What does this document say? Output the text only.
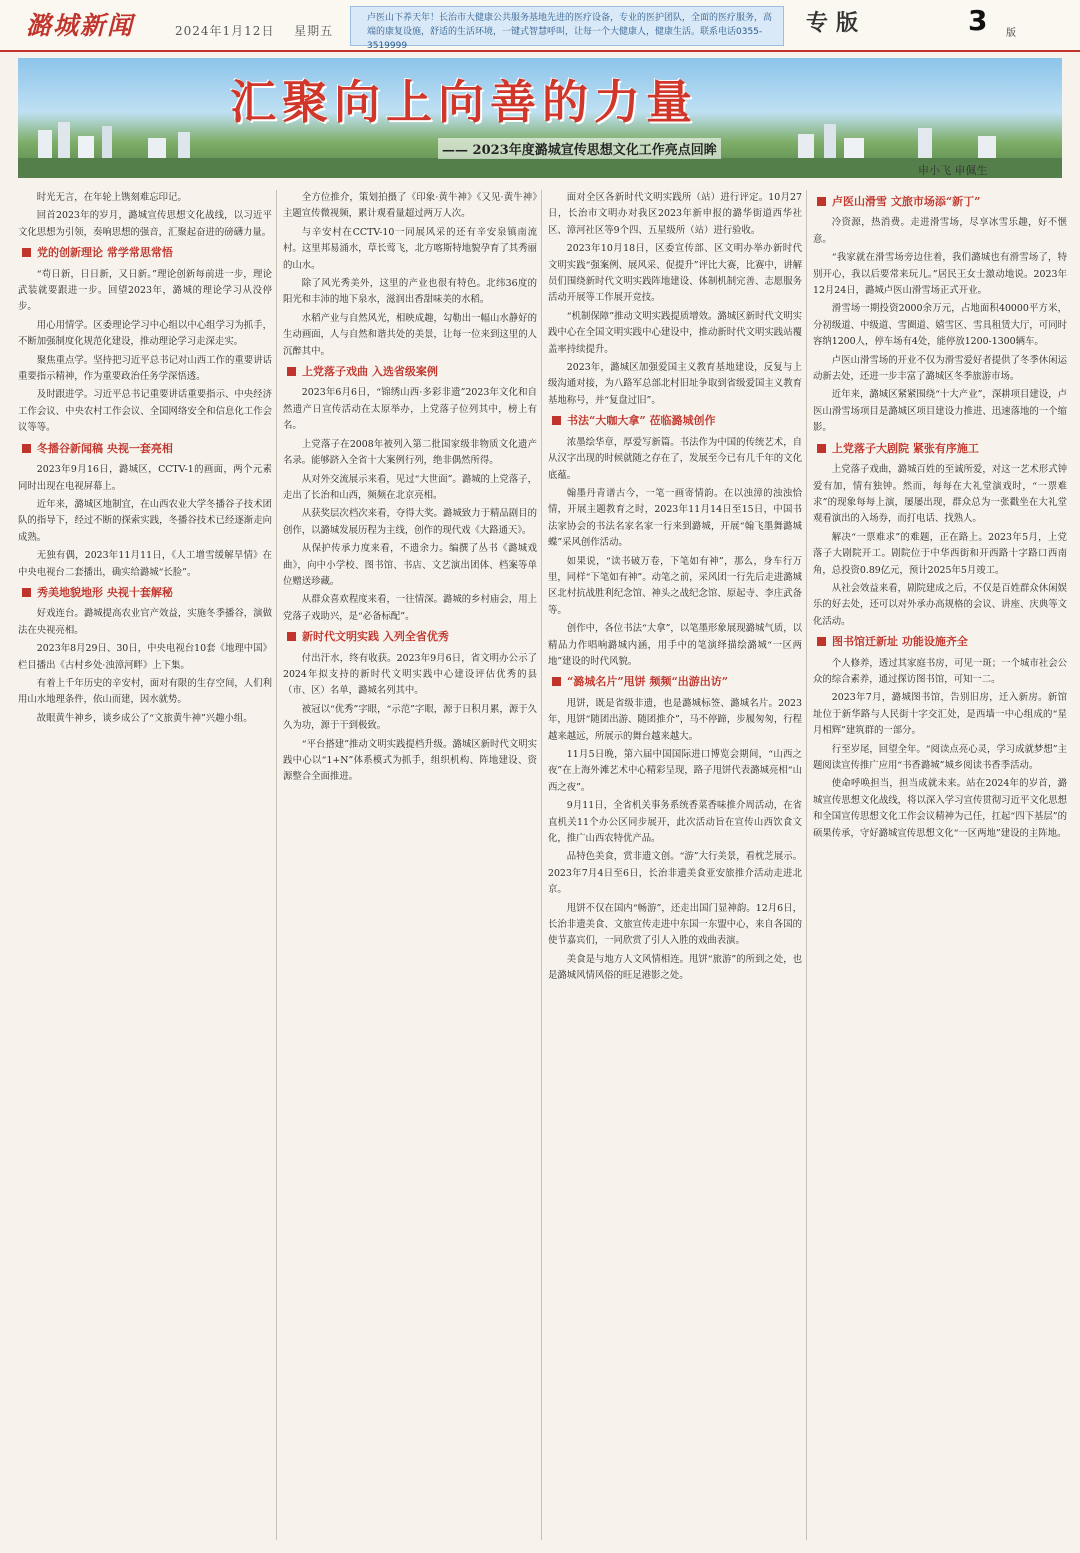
潞城新闻	2024年1月12日 星期五
卢医山下养天年！长治市大健康公共服务基地先进的医疗设备，专业的医护团队，全面的医疗服务，高端的康复设施，舒适的生活环境，一键式智慧呼叫，让每一个大健康人，健康生活。联系电话0355-3519999
专版	3 版
汇聚向上向善的力量
—— 2023年度潞城宣传思想文化工作亮点回眸
申小飞 申佩生

时光无言，在年轮上镌刻难忘印记。

回首2023年的岁月，潞城宣传思想文化战线，以习近平文化思想为引领，奏响思想的强音，汇聚起奋进的磅礴力量。

党的创新理论 常学常思常悟

“苟日新，日日新，又日新。”理论创新每前进一步，理论武装就要跟进一步。回望2023年，潞城的理论学习从没停步。

用心用情学。区委理论学习中心组以中心组学习为抓手，不断加强制度化规范化建设，推动理论学习走深走实。

聚焦重点学。坚持把习近平总书记对山西工作的重要讲话重要指示精神，作为重要政治任务学深悟透。

及时跟进学。习近平总书记重要讲话重要指示、中央经济工作会议、中央农村工作会议、全国网络安全和信息化工作会议等等。

冬播谷新闻稿 央视一套亮相

2023年9月16日，潞城区，CCTV-1的画面，两个元素同时出现在电视屏幕上。

近年来，潞城区地制宜，在山西农业大学冬播谷子技术团队的指导下，经过不断的探索实践，冬播谷技术已经逐渐走向成熟。

无独有偶，2023年11月11日，《人工增雪缓解旱情》在中央电视台二套播出，确实给潞城“长脸”。

秀美地貌地形 央视十套解秘

好戏连台。潞城提高农业官产效益，实施冬季播谷，演做法在央视亮相。

2023年8月29日、30日，中央电视台10套《地理中国》栏目播出《古村乡处·浊漳河畔》上下集。

有着上千年历史的辛安村，面对有限的生存空间，人们利用山水地理条件，依山而建，因水就势。

故眼黄牛神乡，谈乡成公了“文旅黄牛神”兴趣小组。

全方位推介，策划拍摄了《印象·黄牛神》《又见·黄牛神》主题宣传微视频，累计观看量超过两万人次。

与辛安村在CCTV-10一同展风采的还有辛安泉镇南流村。这里邦易涌水，草长莺飞，北方喀斯特地貌孕育了其秀丽的山水。

除了风光秀美外，这里的产业也很有特色。北纬36度的阳光和丰沛的地下泉水，滋润出香甜味美的水稻。

水稻产业与自然风光，相映成趣，勾勒出一幅山水静好的生动画面，人与自然和谐共处的美景，让每一位来到这里的人沉醉其中。

上党落子戏曲 入选省级案例

2023年6月6日，“锦绣山西·多彩非遗”2023年文化和自然遗产日宣传活动在太原举办，上党落子位列其中，榜上有名。

上党落子在2008年被列入第二批国家级非物质文化遗产名录。能够跻入全省十大案例行列，绝非偶然所得。

从对外交流展示来看，见过“大世面”。潞城的上党落子，走出了长治和山西，频频在北京亮相。

从获奖层次档次来看，夺得大奖。潞城致力于精品剧目的创作，以潞城发展历程为主线，创作的现代戏《大路通天》。

从保护传承力度来看，不遗余力。编撰了丛书《潞城戏曲》，向中小学校、图书馆、书店、文艺演出团体、档案等单位赠送珍藏。

从群众喜欢程度来看，一往情深。潞城的乡村庙会，用上党落子戏助兴，是“必备标配”。

新时代文明实践 入列全省优秀

付出汗水，终有收获。2023年9月6日，省文明办公示了2024年拟支持的新时代文明实践中心建设评估优秀的县（市、区）名单，潞城名列其中。

被冠以“优秀”字眼，“示范”字眼，源于日积月累，源于久久为功，源于干到极致。

“平台搭建”推动文明实践提档升级。潞城区新时代文明实践中心以“1+N”体系模式为抓手，组织机构、阵地建设、资源整合全面推进。

面对全区各新时代文明实践所（站）进行评定。10月27日，长治市文明办对我区2023年新申报的潞华街道西华社区、漳河社区等9个四、五星级所（站）进行验收。

2023年10月18日，区委宣传部、区文明办举办新时代文明实践“强案例、展风采、促提升”评比大赛，比赛中，讲解员们围绕新时代文明实践阵地建设、体制机制完善、志愿服务活动开展等工作展开竞技。

“机制保障”推动文明实践提质增效。潞城区新时代文明实践中心在全国文明实践中心建设中，推动新时代文明实践站覆盖率持续提升。

2023年，潞城区加强爱国主义教育基地建设，反复与上级沟通对接，为八路军总部北村旧址争取到省级爱国主义教育基地称号，并“复盘过旧”。

书法“大咖大拿” 莅临潞城创作

浓墨绘华章，厚爱写新篇。书法作为中国的传统艺术，自从汉字出现的时候就随之存在了，发展至今已有几千年的文化底蕴。

翰墨丹青谱古今，一笔一画寄情韵。在以浊漳的浊浊恰情，开展主题教育之时，2023年11月14日至15日，中国书法家协会的书法名家名家一行来到潞城，开展“翰飞墨舞潞城蝶”采风创作活动。

如果说，“读书破万卷，下笔如有神”，那么，身车行万里，同样“下笔如有神”。动笔之前，采风团一行先后走进潞城区北村抗战胜利纪念馆、神头之战纪念馆、原起寺、李庄武备等。

创作中，各位书法“大拿”，以笔墨形象展现潞城气质，以精品力作唱响潞城内涵，用手中的笔演绎描绘潞城“一区两地”建设的时代风貌。

“潞城名片”甩饼 频频“出游出访”

甩饼，既是省级非遗，也是潞城标签、潞城名片。2023年，甩饼“随团出游、随团推介”，马不停蹄，步履匆匆，行程越来越远，所展示的舞台越来越大。

11月5日晚，第六届中国国际进口博览会期间，“山西之夜”在上海外滩艺术中心精彩呈现，路子甩饼代表潞城亮相“山西之夜”。

9月11日，全省机关事务系统香菜香味推介周活动，在省直机关11个办公区同步展开，此次活动旨在宣传山西饮食文化，推广山西农特优产品。

品特色美食，赏非遗文创。“游”大行美景，看枕芝展示。2023年7月4日至6日，长治非遗美食亚安旅推介活动走进北京。

甩饼不仅在国内“畅游”，还走出国门显神韵。12月6日，长治非遗美食、文旅宣传走进中东国一东盟中心，来自各国的使节嘉宾们，一同欣赏了引人入胜的戏曲表演。

美食是与地方人文风情相连。甩饼“旅游”的所到之处，也是潞城风情风俗的旺足港影之处。

卢医山滑雪 文旅市场添“新丁”

冷资源，热消费。走进滑雪场，尽享冰雪乐趣，好不惬意。

“我家就在滑雪场旁边住着，我们潞城也有滑雪场了，特别开心，我以后要常来玩儿。”居民王女士激动地说。2023年12月24日，潞城卢医山滑雪场正式开业。

滑雪场一期投资2000余万元，占地面积40000平方米，分初级道、中级道、雪圈道、嬉雪区、雪具租赁大厅，可同时容纳1200人，停车场有4处，能停放1200-1300辆车。

卢医山滑雪场的开业不仅为滑雪爱好者提供了冬季休闲运动新去处，还进一步丰富了潞城区冬季旅游市场。

近年来，潞城区紧紧围绕“十大产业”，深耕项目建设，卢医山滑雪场项目是潞城区项目建设力推进、迅速落地的一个缩影。

上党落子大剧院 紧张有序施工

上党落子戏曲，潞城百姓的至诚所爱，对这一艺术形式钟爱有加，情有独钟。然而，每每在大礼堂演戏时，“一票难求”的现象每每上演，屡屡出现，群众总为一张戳坐在大礼堂观看演出的入场券，而打电话、找熟人。

解决“一票难求”的难题，正在路上。2023年5月，上党落子大剧院开工。剧院位于中华西街和开西路十字路口西南角，总投资0.89亿元，预计2025年5月竣工。

从社会效益来看，剧院建成之后，不仅是百姓群众休闲娱乐的好去处，还可以对外承办高规格的会议、讲座、庆典等文化活动。

图书馆迁新址 功能设施齐全

个人修养，透过其家庭书房，可见一斑；一个城市社会公众的综合素养，通过探访图书馆，可知一二。

2023年7月，潞城图书馆，告别旧房，迁入新房。新馆址位于新华路与人民街十字交汇处，是西墙一中心组成的“星月相辉”建筑群的一部分。

行至岁尾，回望全年。“阅读点亮心灵，学习成就梦想”主题阅读宣传推广应用“书香潞城”城乡阅读书香季活动。

使命呼唤担当，担当成就未来。站在2024年的岁首，潞城宣传思想文化战线，将以深入学习宣传贯彻习近平文化思想和全国宣传思想文化工作会议精神为己任，扛起“四下基层”的硕果传承，守好潞城宣传思想文化“一区两地”建设的主阵地。
